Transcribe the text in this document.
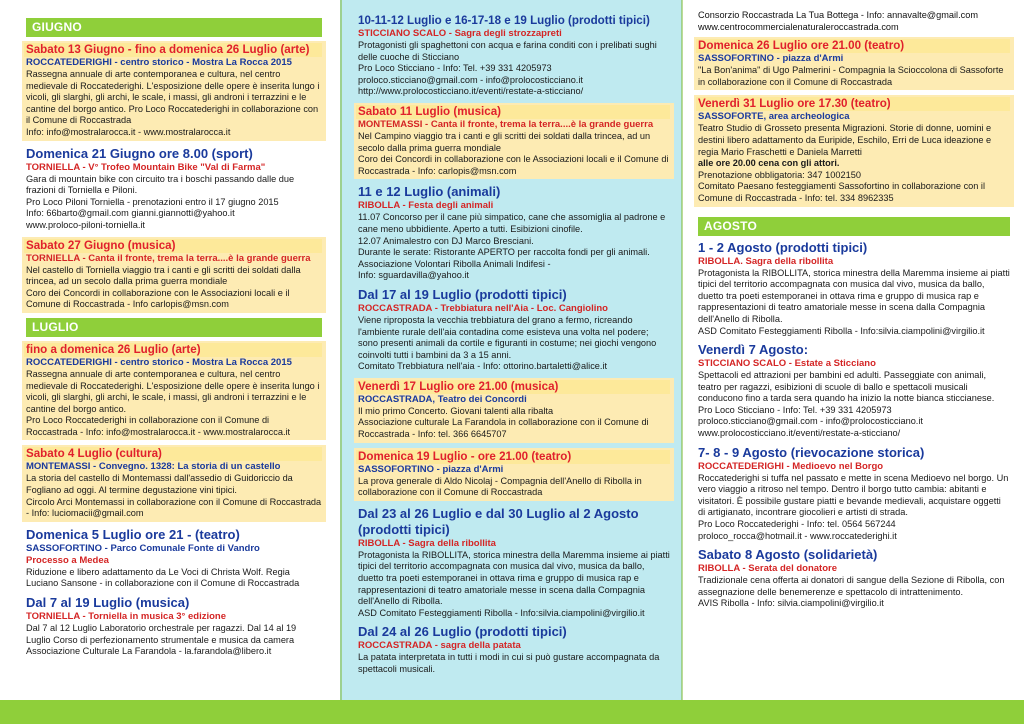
GIUGNO
Sabato 13 Giugno - fino a domenica 26 Luglio (arte)
ROCCATEDERIGHI - centro storico - Mostra La Rocca 2015
Rassegna annuale di arte contemporanea e cultura, nel centro medievale di Roccatederighi. L'esposizione delle opere è inserita lungo i vicoli, gli slarghi, gli archi, le scale, i massi, gli androni i terrazzini e le cantine del borgo antico. Pro Loco Roccatederighi in collaborazione con il Comune di Roccastrada
Info: info@mostralarocca.it - www.mostralarocca.it
Domenica 21 Giugno ore 8.00 (sport)
TORNIELLA - V° Trofeo Mountain Bike "Val di Farma"
Gara di mountain bike con circuito tra i boschi passando dalle due frazioni di Torniella e Piloni.
Pro Loco Piloni Torniella - prenotazioni entro il 17 giugno 2015
Info: 66barto@gmail.com gianni.giannotti@yahoo.it
www.proloco-piloni-torniella.it
Sabato 27 Giugno (musica)
TORNIELLA - Canta il fronte, trema la terra....è la grande guerra
Nel castello di Torniella viaggio tra i canti e gli scritti dei soldati dalla trincea, ad un secolo dalla prima guerra mondiale
Coro dei Concordi in collaborazione con le Associazioni locali e il Comune di Roccastrada - Info carlopis@msn.com
LUGLIO
fino a domenica 26 Luglio (arte)
ROCCATEDERIGHI - centro storico - Mostra La Rocca 2015
Rassegna annuale di arte contemporanea e cultura, nel centro medievale di Roccatederighi. L'esposizione delle opere è inserita lungo i vicoli, gli slarghi, gli archi, le scale, i massi, gli androni i terrazzini e le cantine del borgo antico.
Pro Loco Roccatederighi in collaborazione con il Comune di Roccastrada - Info: info@mostralarocca.it - www.mostralarocca.it
Sabato 4 Luglio (cultura)
MONTEMASSI - Convegno. 1328: La storia di un castello
La storia del castello di Montemassi dall'assedio di Guidoriccio da Fogliano ad oggi. Al termine degustazione vini tipici.
Circolo Arci Montemassi in collaborazione con il Comune di Roccastrada - Info: luciomacii@gmail.com
Domenica 5 Luglio ore 21 - (teatro)
SASSOFORTINO - Parco Comunale Fonte di Vandro
Processo a Medea
Riduzione e libero adattamento da Le Voci di Christa Wolf. Regia Luciano Sansone - in collaborazione con il Comune di Roccastrada
Dal 7 al 19 Luglio (musica)
TORNIELLA - Torniella in musica 3° edizione
Dal 7 al 12 Luglio Laboratorio orchestrale per ragazzi. Dal 14 al 19 Luglio Corso di perfezionamento strumentale e musica da camera
Associazione Culturale La Farandola - la.farandola@libero.it
10-11-12 Luglio e 16-17-18 e 19 Luglio (prodotti tipici)
STICCIANO SCALO - Sagra degli strozzapreti
Protagonisti gli spaghettoni con acqua e farina conditi con i prelibati sughi delle cuoche di Sticciano
Pro Loco Sticciano - Info: Tel. +39 331 4205973
proloco.sticciano@gmail.com - info@prolocosticciano.it
http://www.prolocosticciano.it/eventi/restate-a-sticciano/
Sabato 11 Luglio (musica)
MONTEMASSI - Canta il fronte, trema la terra....è la grande guerra
Nel Campino viaggio tra i canti e gli scritti dei soldati dalla trincea, ad un secolo dalla prima guerra mondiale
Coro dei Concordi in collaborazione con le Associazioni locali e il Comune di Roccastrada - Info: carlopis@msn.com
11 e 12 Luglio (animali)
RIBOLLA - Festa degli animali
11.07 Concorso per il cane più simpatico, cane che assomiglia al padrone e cane meno ubbidiente. Aperto a tutti. Esibizioni cinofile.
12.07 Animalestro con DJ Marco Bresciani.
Durante le serate: Ristorante APERTO per raccolta fondi per gli animali.
Associazione Volontari Ribolla Animali Indifesi -
Info: sguardavilla@yahoo.it
Dal 17 al 19 Luglio (prodotti tipici)
ROCCASTRADA - Trebbiatura nell'Aia - Loc. Cangiolino
Viene riproposta la vecchia trebbiatura del grano a fermo, ricreando l'ambiente rurale dell'aia contadina come esisteva una volta nel podere; sono presenti animali da cortile e figuranti in costume; nei giochi vengono coinvolti tutti i bambini da 3 a 15 anni.
Comitato Trebbiatura nell'aia - Info: ottorino.bartaletti@alice.it
Venerdì 17 Luglio ore 21.00 (musica)
ROCCASTRADA, Teatro dei Concordi
Il mio primo Concerto. Giovani talenti alla ribalta
Associazione culturale La Farandola in collaborazione con il Comune di Roccastrada - Info: tel. 366 6645707
Domenica 19 Luglio - ore 21.00 (teatro)
SASSOFORTINO - piazza d'Armi
La prova generale di Aldo Nicolaj - Compagnia dell'Anello di Ribolla in collaborazione con il Comune di Roccastrada
Dal 23 al 26 Luglio e dal 30 Luglio al 2 Agosto (prodotti tipici)
RIBOLLA - Sagra della ribollita
Protagonista la RIBOLLITA, storica minestra della Maremma insieme ai piatti tipici del territorio accompagnata con musica dal vivo, musica da ballo, duetto tra poeti estemporanei in ottava rima e gruppo di musica rap e rappresentazioni di teatro amatoriale messe in scena dalla Compagnia dell'Anello di Ribolla.
ASD Comitato Festeggiamenti Ribolla - Info:silvia.ciampolini@virgilio.it
Dal 24 al 26 Luglio (prodotti tipici)
ROCCASTRADA - sagra della patata
La patata interpretata in tutti i modi in cui si può gustare accompagnata da spettacoli musicali.
Consorzio Roccastrada La Tua Bottega - Info: annavalte@gmail.com
www.centrocommercialenaturaleroccastrada.com
Domenica 26 Luglio ore 21.00 (teatro)
SASSOFORTINO - piazza d'Armi
"La Bon'anima" di Ugo Palmerini - Compagnia la Scioccolona di Sassoforte in collaborazione con il Comune di Roccastrada
Venerdì 31 Luglio ore 17.30 (teatro)
SASSOFORTE, area archeologica
Teatro Studio di Grosseto presenta Migrazioni. Storie di donne, uomini e destini libero adattamento da Euripide, Eschilo, Erri de Luca ideazione e regia Mario Fraschetti e Daniela Marretti
alle ore 20.00 cena con gli attori.
Prenotazione obbligatoria: 347 1002150
Comitato Paesano festeggiamenti Sassofortino in collaborazione con il Comune di Roccastrada - Info: tel. 334 8962335
AGOSTO
1 - 2 Agosto (prodotti tipici)
RIBOLLA. Sagra della ribollita
Protagonista la RIBOLLITA, storica minestra della Maremma insieme ai piatti tipici del territorio accompagnata con musica dal vivo, musica da ballo, duetto tra poeti estemporanei in ottava rima e gruppo di musica rap e rappresentazioni di teatro amatoriale messe in scena dalla Compagnia dell'Anello di Ribolla.
ASD Comitato Festeggiamenti Ribolla - Info:silvia.ciampolini@virgilio.it
Venerdì 7 Agosto:
STICCIANO SCALO - Estate a Sticciano
Spettacoli ed attrazioni per bambini ed adulti. Passeggiate con animali, teatro per ragazzi, esibizioni di scuole di ballo e spettacoli musicali conducono fino a tarda sera quando ha inizio la notte bianca sticcianese. Pro Loco Sticciano - Info: Tel. +39 331 4205973
proloco.sticciano@gmail.com - info@prolocosticciano.it
www.prolocosticciano.it/eventi/restate-a-sticciano/
7- 8 - 9 Agosto (rievocazione storica)
ROCCATEDERIGHI - Medioevo nel Borgo
Roccatederighi si tuffa nel passato e mette in scena Medioevo nel borgo. Un vero viaggio a ritroso nel tempo. Dentro il borgo tutto cambia: abitanti e visitatori. È possibile gustare piatti e bevande medievali, acquistare oggetti di artigianato, incontrare giocolieri e artisti di strada.
Pro Loco Roccatederighi - Info: tel. 0564 567244
proloco_rocca@hotmail.it - www.roccatederighi.it
Sabato 8 Agosto (solidarietà)
RIBOLLA - Serata del donatore
Tradizionale cena offerta ai donatori di sangue della Sezione di Ribolla, con assegnazione delle benemerenze e spettacolo di intrattenimento.
AVIS Ribolla - Info: silvia.ciampolini@virgilio.it
